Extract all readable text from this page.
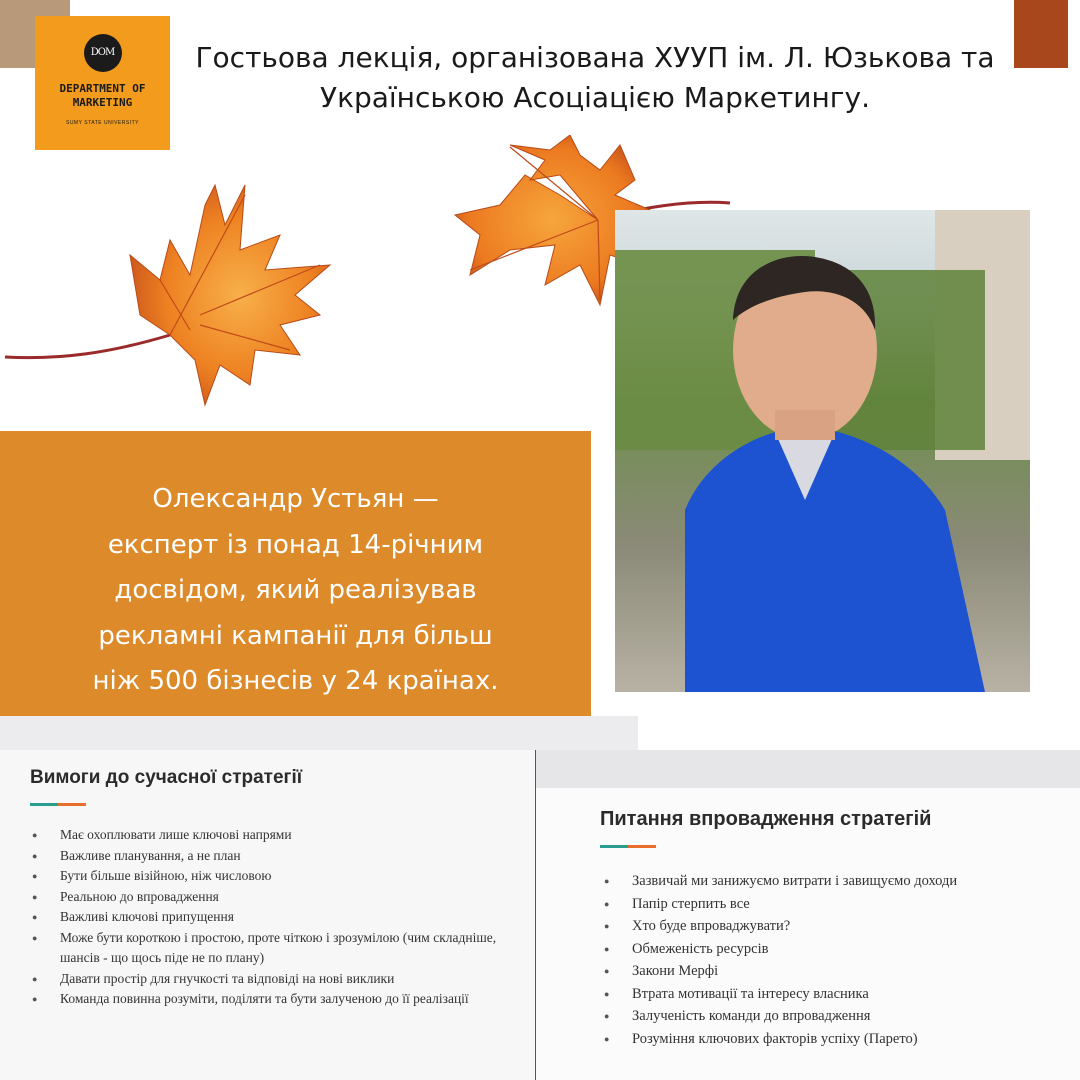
DOM
DEPARTMENT OF
MARKETING
SUMY STATE UNIVERSITY
Гостьова лекція, організована ХУУП ім. Л. Юзькова та Українською Асоціацією Маркетингу.
Олександр Устьян —
експерт із понад 14-річним
досвідом, який реалізував
рекламні кампанії для більш
ніж 500 бізнесів у 24 країнах.
Вимоги до сучасної стратегії
● Має охоплювати лише ключові напрями
● Важливе планування, а не план
● Бути більше візійною, ніж числовою
● Реальною до впровадження
● Важливі ключові припущення
● Може бути короткою і простою, проте чіткою і зрозумілою (чим складніше, шансів - що щось піде не по плану)
● Давати простір для гнучкості та відповіді на нові виклики
● Команда повинна розуміти, поділяти та бути залученою до її реалізації
Питання впровадження стратегій
● Зазвичай ми занижуємо витрати і завищуємо доходи
● Папір стерпить все
● Хто буде впроваджувати?
● Обмеженість ресурсів
● Закони Мерфі
● Втрата мотивації та інтересу власника
● Залученість команди до впровадження
● Розуміння ключових факторів успіху (Парето)
